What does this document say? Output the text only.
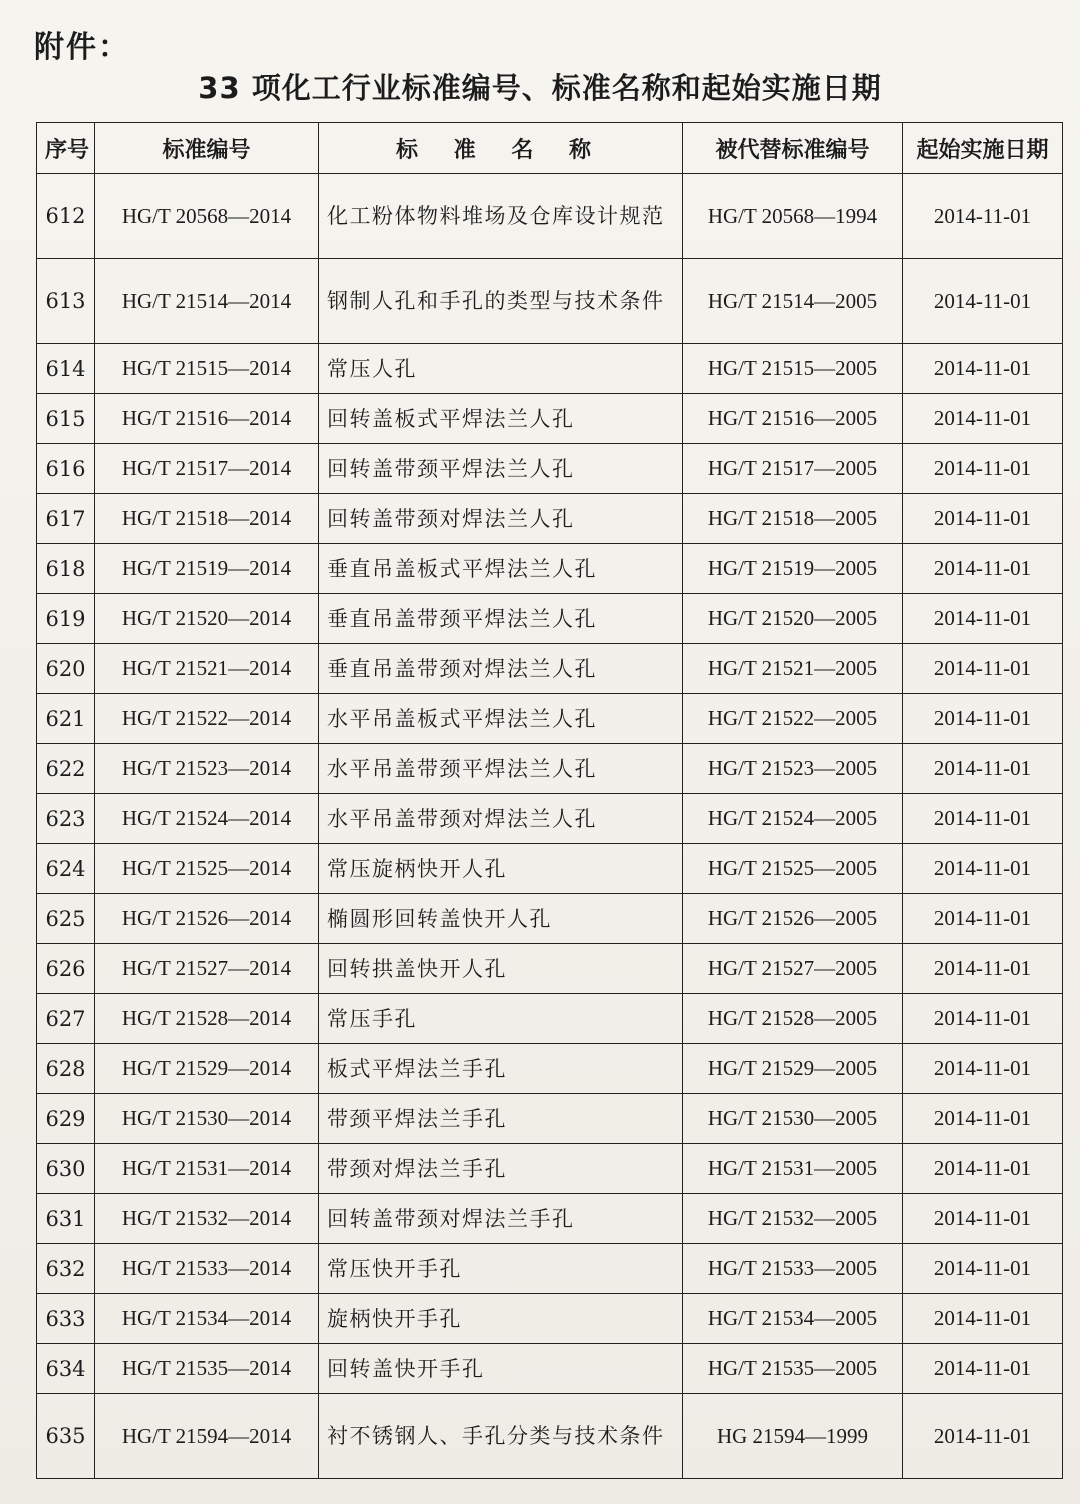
附件：
33 项化工行业标准编号、标准名称和起始实施日期
序号	标准编号	标 准 名 称	被代替标准编号	起始实施日期
612	HG/T 20568—2014	化工粉体物料堆场及仓库设计规范	HG/T 20568—1994	2014-11-01
613	HG/T 21514—2014	钢制人孔和手孔的类型与技术条件	HG/T 21514—2005	2014-11-01
614	HG/T 21515—2014	常压人孔	HG/T 21515—2005	2014-11-01
615	HG/T 21516—2014	回转盖板式平焊法兰人孔	HG/T 21516—2005	2014-11-01
616	HG/T 21517—2014	回转盖带颈平焊法兰人孔	HG/T 21517—2005	2014-11-01
617	HG/T 21518—2014	回转盖带颈对焊法兰人孔	HG/T 21518—2005	2014-11-01
618	HG/T 21519—2014	垂直吊盖板式平焊法兰人孔	HG/T 21519—2005	2014-11-01
619	HG/T 21520—2014	垂直吊盖带颈平焊法兰人孔	HG/T 21520—2005	2014-11-01
620	HG/T 21521—2014	垂直吊盖带颈对焊法兰人孔	HG/T 21521—2005	2014-11-01
621	HG/T 21522—2014	水平吊盖板式平焊法兰人孔	HG/T 21522—2005	2014-11-01
622	HG/T 21523—2014	水平吊盖带颈平焊法兰人孔	HG/T 21523—2005	2014-11-01
623	HG/T 21524—2014	水平吊盖带颈对焊法兰人孔	HG/T 21524—2005	2014-11-01
624	HG/T 21525—2014	常压旋柄快开人孔	HG/T 21525—2005	2014-11-01
625	HG/T 21526—2014	椭圆形回转盖快开人孔	HG/T 21526—2005	2014-11-01
626	HG/T 21527—2014	回转拱盖快开人孔	HG/T 21527—2005	2014-11-01
627	HG/T 21528—2014	常压手孔	HG/T 21528—2005	2014-11-01
628	HG/T 21529—2014	板式平焊法兰手孔	HG/T 21529—2005	2014-11-01
629	HG/T 21530—2014	带颈平焊法兰手孔	HG/T 21530—2005	2014-11-01
630	HG/T 21531—2014	带颈对焊法兰手孔	HG/T 21531—2005	2014-11-01
631	HG/T 21532—2014	回转盖带颈对焊法兰手孔	HG/T 21532—2005	2014-11-01
632	HG/T 21533—2014	常压快开手孔	HG/T 21533—2005	2014-11-01
633	HG/T 21534—2014	旋柄快开手孔	HG/T 21534—2005	2014-11-01
634	HG/T 21535—2014	回转盖快开手孔	HG/T 21535—2005	2014-11-01
635	HG/T 21594—2014	衬不锈钢人、手孔分类与技术条件	HG 21594—1999	2014-11-01
